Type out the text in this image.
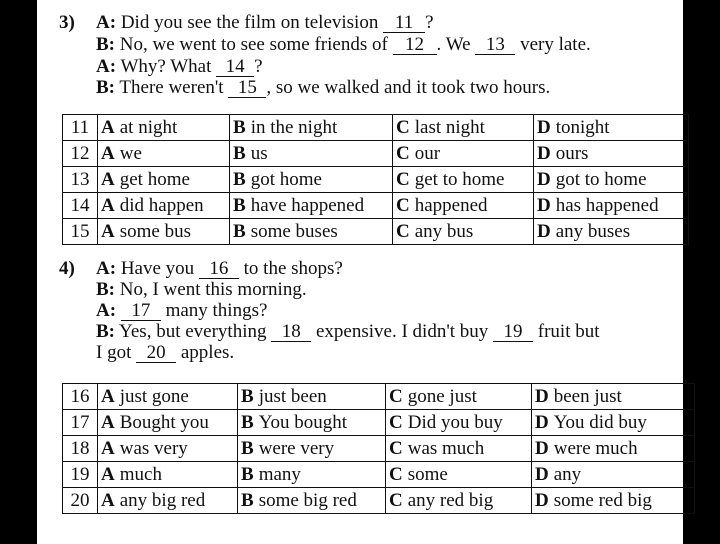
3) A: Did you see the film on television 11 ?
B: No, we went to see some friends of 12 . We 13 very late.
A: Why? What 14 ?
B: There weren't 15 , so we walked and it took two hours.
11	A at night	B in the night	C last night	D tonight
12	A we	B us	C our	D ours
13	A get home	B got home	C get to home	D got to home
14	A did happen	B have happened	C happened	D has happened
15	A some bus	B some buses	C any bus	D any buses
4) A: Have you 16 to the shops?
B: No, I went this morning.
A: 17 many things?
B: Yes, but everything 18 expensive. I didn't buy 19 fruit but
I got 20 apples.
16	A just gone	B just been	C gone just	D been just
17	A Bought you	B You bought	C Did you buy	D You did buy
18	A was very	B were very	C was much	D were much
19	A much	B many	C some	D any
20	A any big red	B some big red	C any red big	D some red big
